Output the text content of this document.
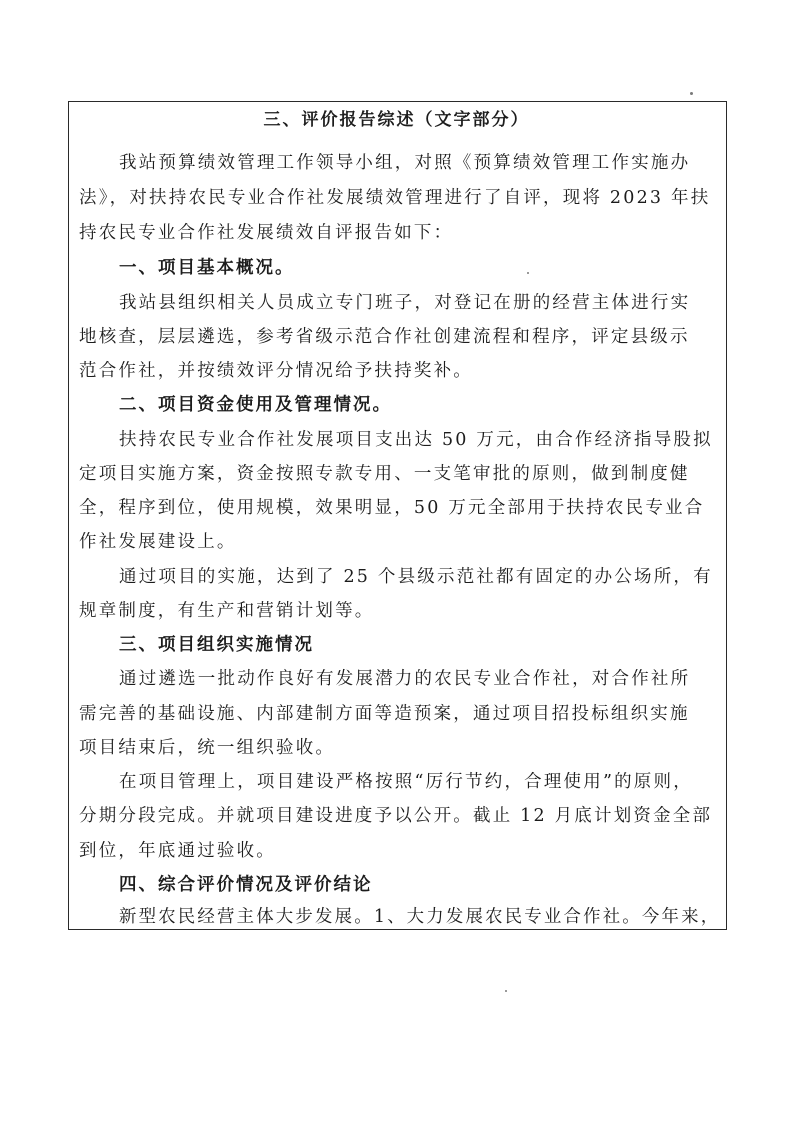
三、评价报告综述（文字部分）
我站预算绩效管理工作领导小组，对照《预算绩效管理工作实施办
法》，对扶持农民专业合作社发展绩效管理进行了自评，现将 2023 年扶
持农民专业合作社发展绩效自评报告如下：
一、项目基本概况。
我站县组织相关人员成立专门班子，对登记在册的经营主体进行实
地核查，层层遴选，参考省级示范合作社创建流程和程序，评定县级示
范合作社，并按绩效评分情况给予扶持奖补。
二、项目资金使用及管理情况。
扶持农民专业合作社发展项目支出达 50 万元，由合作经济指导股拟
定项目实施方案，资金按照专款专用、一支笔审批的原则，做到制度健
全，程序到位，使用规模，效果明显，50 万元全部用于扶持农民专业合
作社发展建设上。
通过项目的实施，达到了 25 个县级示范社都有固定的办公场所，有
规章制度，有生产和营销计划等。
三、项目组织实施情况
通过遴选一批动作良好有发展潜力的农民专业合作社，对合作社所
需完善的基础设施、内部建制方面等造预案，通过项目招投标组织实施
项目结束后，统一组织验收。
在项目管理上，项目建设严格按照“厉行节约，合理使用”的原则，
分期分段完成。并就项目建设进度予以公开。截止 12 月底计划资金全部
到位，年底通过验收。
四、综合评价情况及评价结论
新型农民经营主体大步发展。1、大力发展农民专业合作社。今年来，
